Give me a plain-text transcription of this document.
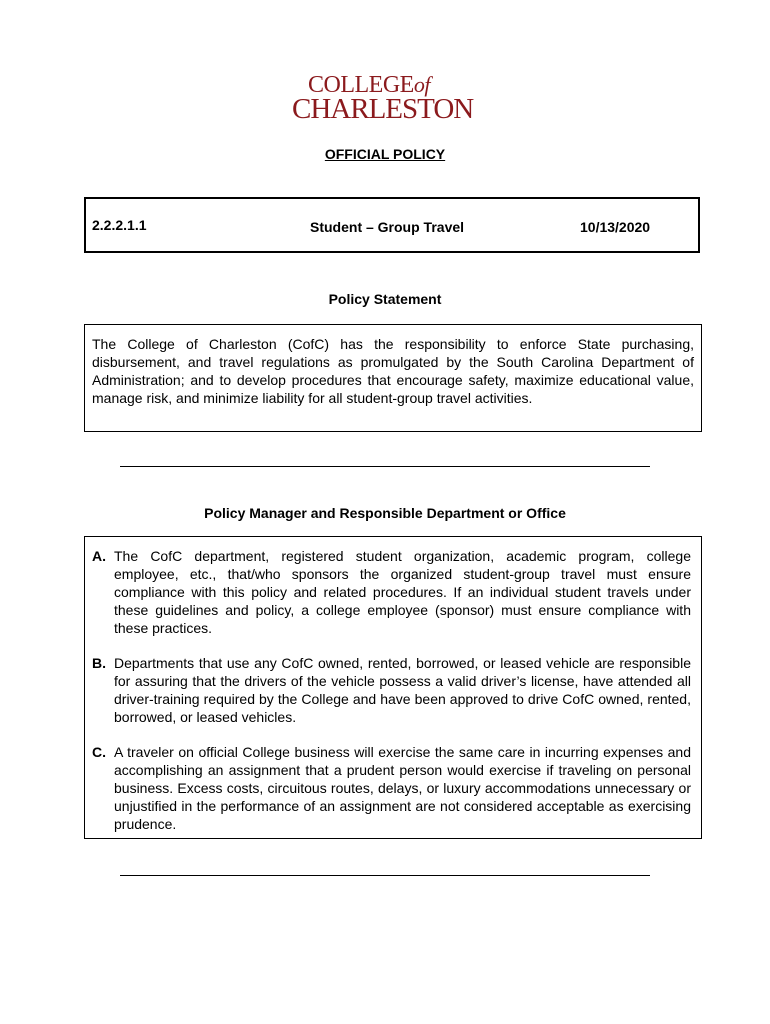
COLLEGEof
CHARLESTON
OFFICIAL POLICY
2.2.2.1.1	Student – Group Travel	10/13/2020
Policy Statement
The College of Charleston (CofC) has the responsibility to enforce State purchasing, disbursement, and travel regulations as promulgated by the South Carolina Department of Administration; and to develop procedures that encourage safety, maximize educational value, manage risk, and minimize liability for all student-group travel activities.
Policy Manager and Responsible Department or Office
A. The CofC department, registered student organization, academic program, college employee, etc., that/who sponsors the organized student-group travel must ensure compliance with this policy and related procedures. If an individual student travels under these guidelines and policy, a college employee (sponsor) must ensure compliance with these practices.
B. Departments that use any CofC owned, rented, borrowed, or leased vehicle are responsible for assuring that the drivers of the vehicle possess a valid driver’s license, have attended all driver-training required by the College and have been approved to drive CofC owned, rented, borrowed, or leased vehicles.
C. A traveler on official College business will exercise the same care in incurring expenses and accomplishing an assignment that a prudent person would exercise if traveling on personal business. Excess costs, circuitous routes, delays, or luxury accommodations unnecessary or unjustified in the performance of an assignment are not considered acceptable as exercising prudence.
